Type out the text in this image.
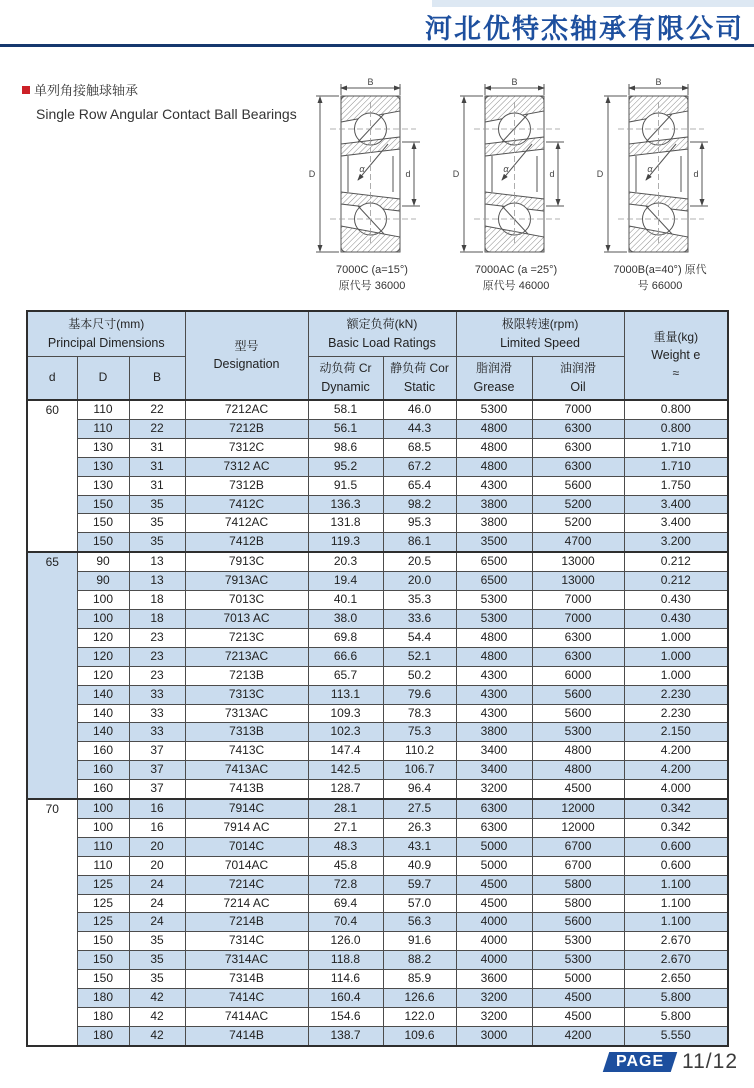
河北优特杰轴承有限公司
单列角接触球轴承
Single Row Angular Contact Ball Bearings
B
D	d
α
7000C (a=15°)
原代号 36000
B
D	d
α
7000AC (a =25°)
原代号 46000
B
D	d
α
7000B(a=40°) 原代
号 66000
基本尺寸(mm)
Principal Dimensions	型号
Designation

额定负荷(kN)
Basic Load Ratings

极限转速(rpm)
Limited Speed	重量(kg)
Weight e
≈

d	D	B	
动负荷 Cr
Dynamic

静负荷 Cor
Static

脂润滑
Grease

油润滑
Oil

60	110	22	7212AC	58.1	46.0	5300	7000	0.800
	110	22	7212B	56.1	44.3	4800	6300	0.800
	130	31	7312C	98.6	68.5	4800	6300	1.710
	130	31	7312 AC	95.2	67.2	4800	6300	1.710
	130	31	7312B	91.5	65.4	4300	5600	1.750
	150	35	7412C	136.3	98.2	3800	5200	3.400
	150	35	7412AC	131.8	95.3	3800	5200	3.400
	150	35	7412B	119.3	86.1	3500	4700	3.200
65	90	13	7913C	20.3	20.5	6500	13000	0.212
	90	13	7913AC	19.4	20.0	6500	13000	0.212
	100	18	7013C	40.1	35.3	5300	7000	0.430
	100	18	7013 AC	38.0	33.6	5300	7000	0.430
	120	23	7213C	69.8	54.4	4800	6300	1.000
	120	23	7213AC	66.6	52.1	4800	6300	1.000
	120	23	7213B	65.7	50.2	4300	6000	1.000
	140	33	7313C	113.1	79.6	4300	5600	2.230
	140	33	7313AC	109.3	78.3	4300	5600	2.230
	140	33	7313B	102.3	75.3	3800	5300	2.150
	160	37	7413C	147.4	110.2	3400	4800	4.200
	160	37	7413AC	142.5	106.7	3400	4800	4.200
	160	37	7413B	128.7	96.4	3200	4500	4.000
70	100	16	7914C	28.1	27.5	6300	12000	0.342
	100	16	7914 AC	27.1	26.3	6300	12000	0.342
	110	20	7014C	48.3	43.1	5000	6700	0.600
	110	20	7014AC	45.8	40.9	5000	6700	0.600
	125	24	7214C	72.8	59.7	4500	5800	1.100
	125	24	7214 AC	69.4	57.0	4500	5800	1.100
	125	24	7214B	70.4	56.3	4000	5600	1.100
	150	35	7314C	126.0	91.6	4000	5300	2.670
	150	35	7314AC	118.8	88.2	4000	5300	2.670
	150	35	7314B	114.6	85.9	3600	5000	2.650
	180	42	7414C	160.4	126.6	3200	4500	5.800
	180	42	7414AC	154.6	122.0	3200	4500	5.800
	180	42	7414B	138.7	109.6	3000	4200	5.550
PAGE 11/12
